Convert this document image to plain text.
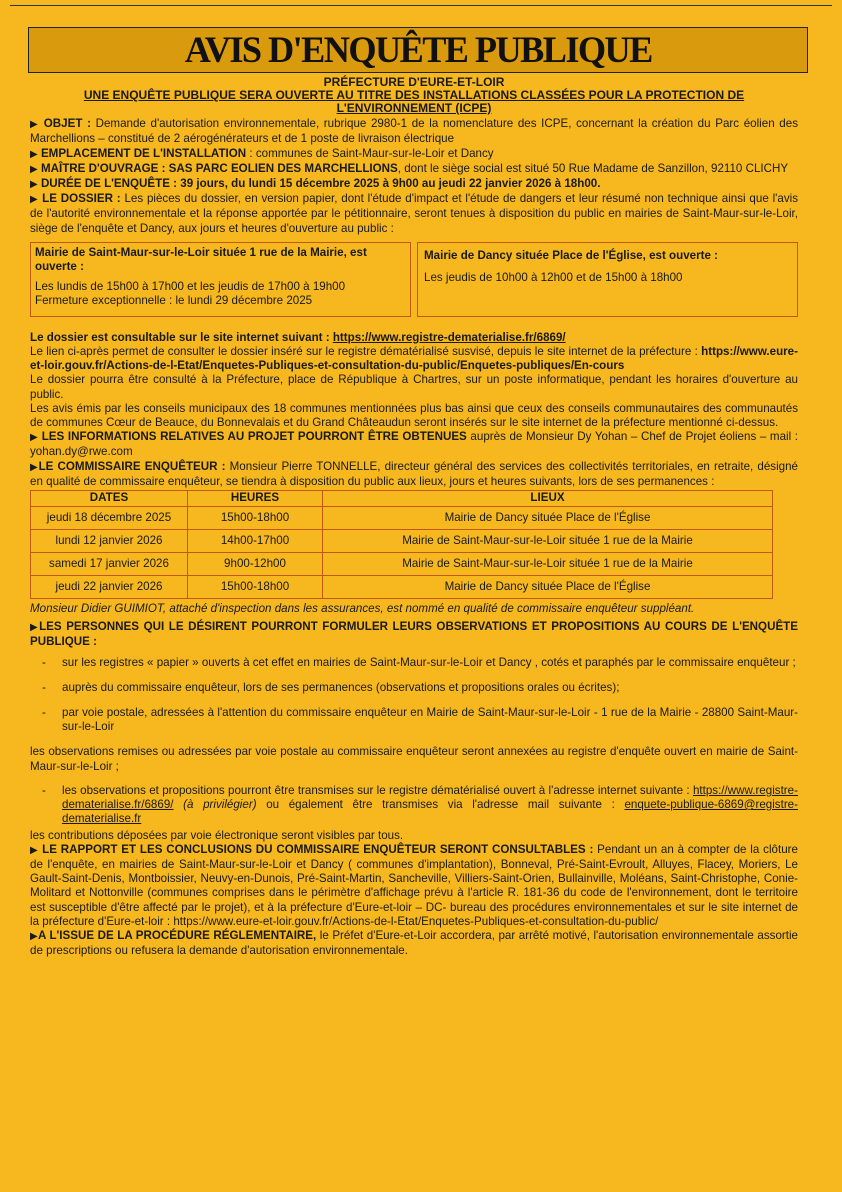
AVIS D'ENQUÊTE PUBLIQUE
PRÉFECTURE D'EURE-ET-LOIR
UNE ENQUÊTE PUBLIQUE SERA OUVERTE AU TITRE DES INSTALLATIONS CLASSÉES POUR LA PROTECTION DE L'ENVIRONNEMENT (ICPE)

▶ OBJET : Demande d'autorisation environnementale, rubrique 2980-1 de la nomenclature des ICPE, concernant la création du Parc éolien des Marchellions – constitué de 2 aérogénérateurs et de 1 poste de livraison électrique

▶ EMPLACEMENT DE L'INSTALLATION : communes de Saint-Maur-sur-le-Loir et Dancy

▶ MAÎTRE D'OUVRAGE : SAS PARC EOLIEN DES MARCHELLIONS, dont le siège social est situé 50 Rue Madame de Sanzillon, 92110 CLICHY

▶ DURÉE DE L'ENQUÊTE : 39 jours, du lundi 15 décembre 2025 à 9h00 au jeudi 22 janvier 2026 à 18h00.

▶ LE DOSSIER : Les pièces du dossier, en version papier, dont l'étude d'impact et l'étude de dangers et leur résumé non technique ainsi que l'avis de l'autorité environnementale et la réponse apportée par le pétitionnaire, seront tenues à disposition du public en mairies de Saint-Maur-sur-le-Loir, siège de l'enquête et Dancy, aux jours et heures d'ouverture au public :

Mairie de Saint-Maur-sur-le-Loir située 1 rue de la Mairie, est ouverte :
Les lundis de 15h00 à 17h00 et les jeudis de 17h00 à 19h00
Fermeture exceptionnelle : le lundi 29 décembre 2025
Mairie de Dancy située Place de l'Église, est ouverte :
Les jeudis de 10h00 à 12h00 et de 15h00 à 18h00

Le dossier est consultable sur le site internet suivant : https://www.registre-dematerialise.fr/6869/

Le lien ci-après permet de consulter le dossier inséré sur le registre dématérialisé susvisé, depuis le site internet de la préfecture : https://www.eure-et-loir.gouv.fr/Actions-de-l-Etat/Enquetes-Publiques-et-consultation-du-public/Enquetes-publiques/En-cours

Le dossier pourra être consulté à la Préfecture, place de République à Chartres, sur un poste informatique, pendant les horaires d'ouverture au public.

Les avis émis par les conseils municipaux des 18 communes mentionnées plus bas ainsi que ceux des conseils communautaires des communautés de communes Cœur de Beauce, du Bonnevalais et du Grand Châteaudun seront insérés sur le site internet de la préfecture mentionné ci-dessus.

▶ LES INFORMATIONS RELATIVES AU PROJET POURRONT ÊTRE OBTENUES auprès de Monsieur Dy Yohan – Chef de Projet éoliens – mail : yohan.dy@rwe.com

▶LE COMMISSAIRE ENQUÊTEUR : Monsieur Pierre TONNELLE, directeur général des services des collectivités territoriales, en retraite, désigné en qualité de commissaire enquêteur, se tiendra à disposition du public aux lieux, jours et heures suivants, lors de ses permanences :

DATES	HEURES	LIEUX
jeudi 18 décembre 2025	15h00-18h00	Mairie de Dancy située Place de l'Église
lundi 12 janvier 2026	14h00-17h00	Mairie de Saint-Maur-sur-le-Loir située 1 rue de la Mairie
samedi 17 janvier 2026	9h00-12h00	Mairie de Saint-Maur-sur-le-Loir située 1 rue de la Mairie
jeudi 22 janvier 2026	15h00-18h00	Mairie de Dancy située Place de l'Église

Monsieur Didier GUIMIOT, attaché d'inspection dans les assurances, est nommé en qualité de commissaire enquêteur suppléant.

▶LES PERSONNES QUI LE DÉSIRENT POURRONT FORMULER LEURS OBSERVATIONS ET PROPOSITIONS AU COURS DE L'ENQUÊTE PUBLIQUE :

- sur les registres « papier » ouverts à cet effet en mairies de Saint-Maur-sur-le-Loir et Dancy , cotés et paraphés par le commissaire enquêteur ;
- auprès du commissaire enquêteur, lors de ses permanences (observations et propositions orales ou écrites);
- par voie postale, adressées à l'attention du commissaire enquêteur en Mairie de Saint-Maur-sur-le-Loir - 1 rue de la Mairie - 28800 Saint-Maur-sur-le-Loir

les observations remises ou adressées par voie postale au commissaire enquêteur seront annexées au registre d'enquête ouvert en mairie de Saint-Maur-sur-le-Loir ;

- les observations et propositions pourront être transmises sur le registre dématérialisé ouvert à l'adresse internet suivante : https://www.registre-dematerialise.fr/6869/ (à privilégier) ou également être transmises via l'adresse mail suivante : enquete-publique-6869@registre-dematerialise.fr

les contributions déposées par voie électronique seront visibles par tous.

▶ LE RAPPORT ET LES CONCLUSIONS DU COMMISSAIRE ENQUÊTEUR SERONT CONSULTABLES : Pendant un an à compter de la clôture de l'enquête, en mairies de Saint-Maur-sur-le-Loir et Dancy ( communes d'implantation), Bonneval, Pré-Saint-Evroult, Alluyes, Flacey, Moriers, Le Gault-Saint-Denis, Montboissier, Neuvy-en-Dunois, Pré-Saint-Martin, Sancheville, Villiers-Saint-Orien, Bullainville, Moléans, Saint-Christophe, Conie-Molitard et Nottonville (communes comprises dans le périmètre d'affichage prévu à l'article R. 181-36 du code de l'environnement, dont le territoire est susceptible d'être affecté par le projet), et à la préfecture d'Eure-et-loir – DC- bureau des procédures environnementales et sur le site internet de la préfecture d'Eure-et-loir : https://www.eure-et-loir.gouv.fr/Actions-de-l-Etat/Enquetes-Publiques-et-consultation-du-public/

▶A L'ISSUE DE LA PROCÉDURE RÉGLEMENTAIRE, le Préfet d'Eure-et-Loir accordera, par arrêté motivé, l'autorisation environnementale assortie de prescriptions ou refusera la demande d'autorisation environnementale.
